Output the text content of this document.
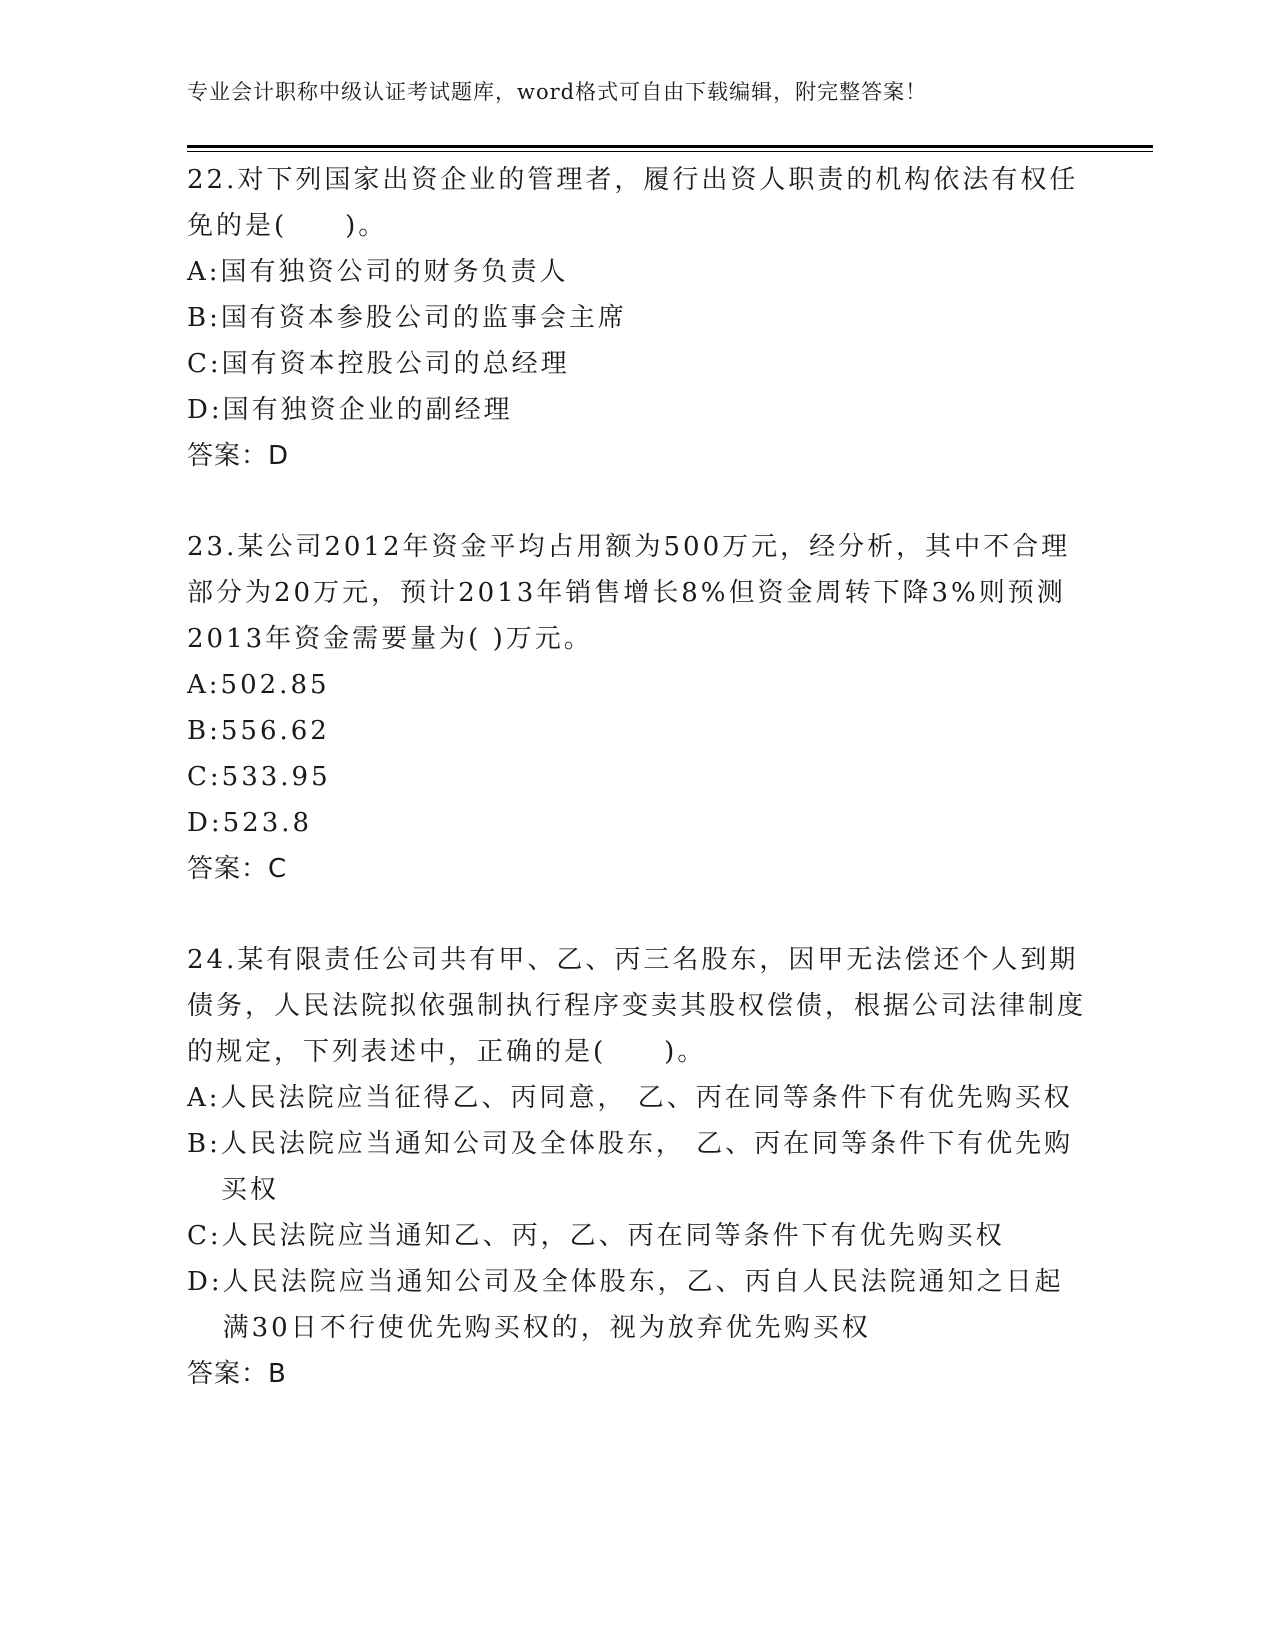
专业会计职称中级认证考试题库，word格式可自由下载编辑，附完整答案！

22.对下列国家出资企业的管理者，履行出资人职责的机构依法有权任免的是(　　)。

A: 国有独资公司的财务负责人

B: 国有资本参股公司的监事会主席

C: 国有资本控股公司的总经理

D: 国有独资企业的副经理

答案：D

23.某公司2012年资金平均占用额为500万元，经分析，其中不合理部分为20万元，预计2013年销售增长8%但资金周转下降3%则预测2013年资金需要量为( )万元。

A: 502.85

B: 556.62

C: 533.95

D: 523.8

答案：C

24.某有限责任公司共有甲、乙、丙三名股东，因甲无法偿还个人到期债务，人民法院拟依强制执行程序变卖其股权偿债，根据公司法律制度的规定，下列表述中，正确的是(　　)。

A: 人民法院应当征得乙、丙同意， 乙、丙在同等条件下有优先购买权

B: 人民法院应当通知公司及全体股东， 乙、丙在同等条件下有优先购买权

C: 人民法院应当通知乙、丙，乙、丙在同等条件下有优先购买权

D: 人民法院应当通知公司及全体股东，乙、丙自人民法院通知之日起满30日不行使优先购买权的，视为放弃优先购买权

答案：B
